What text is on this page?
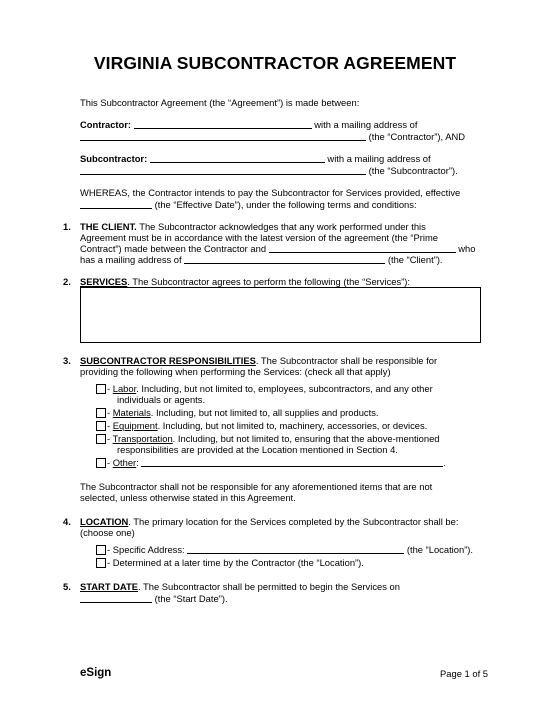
VIRGINIA SUBCONTRACTOR AGREEMENT
This Subcontractor Agreement (the “Agreement”) is made between:
Contractor:	with a mailing address of
(the “Contractor”), AND
Subcontractor:	with a mailing address of
(the “Subcontractor”).
WHEREAS, the Contractor intends to pay the Subcontractor for Services provided, effective
(the “Effective Date”), under the following terms and conditions:
1. THE CLIENT. The Subcontractor acknowledges that any work performed under this
Agreement must be in accordance with the latest version of the agreement (the “Prime
Contract”) made between the Contractor and	who
has a mailing address of	(the “Client”).
2. SERVICES. The Subcontractor agrees to perform the following (the “Services”):
3. SUBCONTRACTOR RESPONSIBILITIES. The Subcontractor shall be responsible for
providing the following when performing the Services: (check all that apply)
- Labor. Including, but not limited to, employees, subcontractors, and any other
individuals or agents.
- Materials. Including, but not limited to, all supplies and products.
- Equipment. Including, but not limited to, machinery, accessories, or devices.
- Transportation. Including, but not limited to, ensuring that the above-mentioned
responsibilities are provided at the Location mentioned in Section 4.
- Other:	.
The Subcontractor shall not be responsible for any aforementioned items that are not
selected, unless otherwise stated in this Agreement.
4. LOCATION. The primary location for the Services completed by the Subcontractor shall be:
(choose one)
- Specific Address:	(the “Location”).
- Determined at a later time by the Contractor (the “Location”).
5. START DATE. The Subcontractor shall be permitted to begin the Services on
(the “Start Date”).
eSign	Page 1 of 5
